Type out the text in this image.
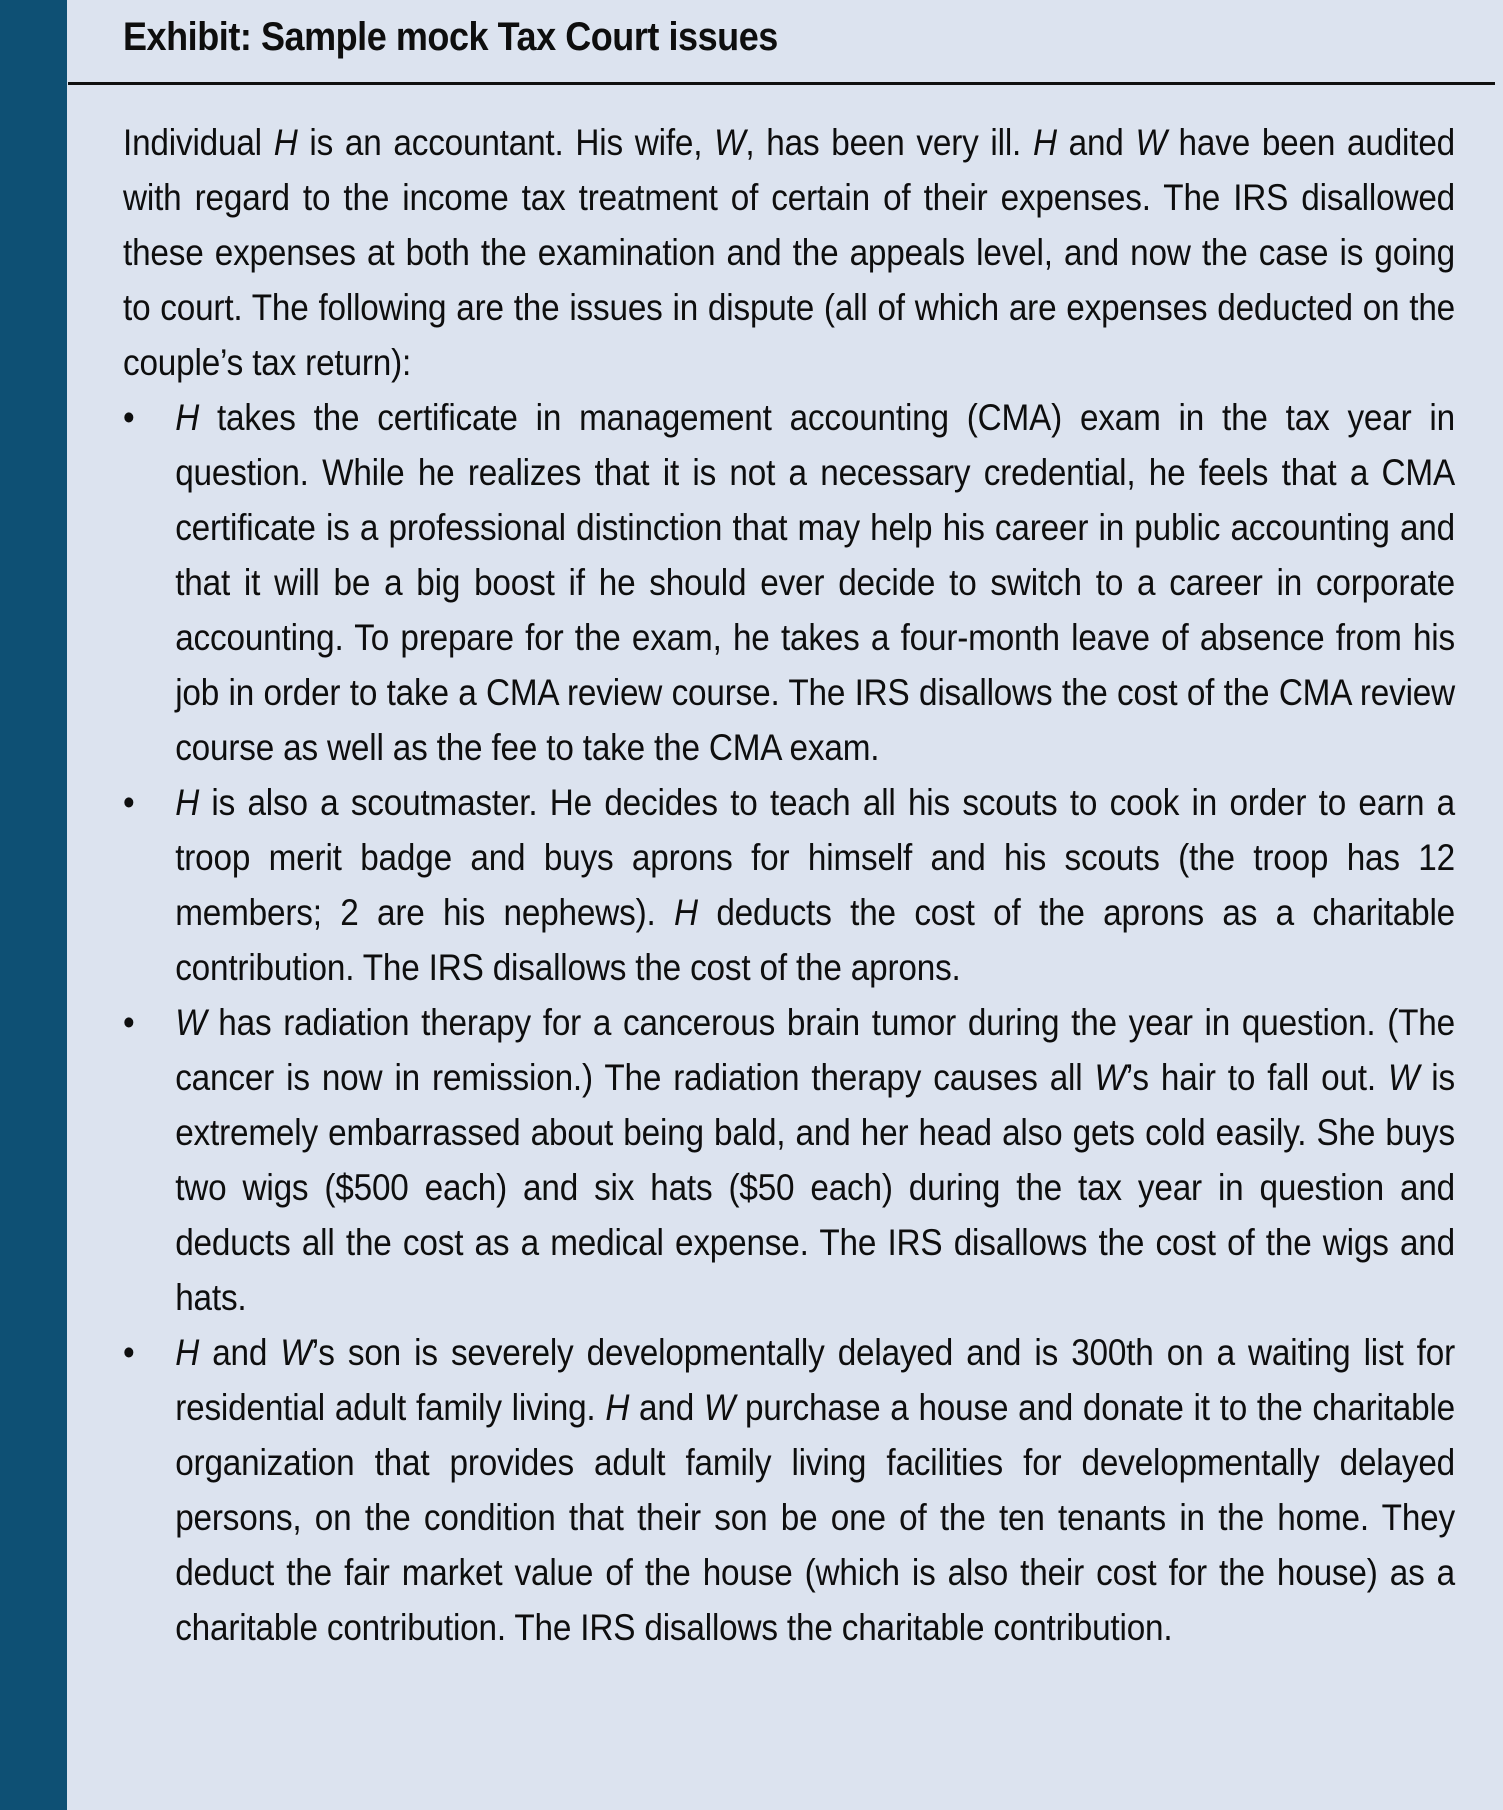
Exhibit: Sample mock Tax Court issues

Individual H is an accountant. His wife, W, has been very ill. H and W have been audited with regard to the income tax treatment of certain of their expenses. The IRS disallowed these expenses at both the examination and the appeals level, and now the case is going to court. The following are the issues in dispute (all of which are expenses deducted on the couple’s tax return):

•	H takes the certificate in management accounting (CMA) exam in the tax year in question. While he realizes that it is not a necessary credential, he feels that a CMA certificate is a professional distinction that may help his career in public accounting and that it will be a big boost if he should ever decide to switch to a career in corporate accounting. To prepare for the exam, he takes a four-month leave of absence from his job in order to take a CMA review course. The IRS disallows the cost of the CMA review course as well as the fee to take the CMA exam.
•	H is also a scoutmaster. He decides to teach all his scouts to cook in order to earn a troop merit badge and buys aprons for himself and his scouts (the troop has 12 members; 2 are his nephews). H deducts the cost of the aprons as a charitable contribution. The IRS disallows the cost of the aprons.
•	W has radiation therapy for a cancerous brain tumor during the year in question. (The cancer is now in remission.) The radiation therapy causes all W’s hair to fall out. W is extremely embarrassed about being bald, and her head also gets cold easily. She buys two wigs ($500 each) and six hats ($50 each) during the tax year in question and deducts all the cost as a medical expense. The IRS disallows the cost of the wigs and hats.
•	H and W’s son is severely developmentally delayed and is 300th on a waiting list for residential adult family living. H and W purchase a house and donate it to the charitable organization that provides adult family living facilities for developmentally delayed persons, on the condition that their son be one of the ten tenants in the home. They deduct the fair market value of the house (which is also their cost for the house) as a charitable contribution. The IRS disallows the charitable contribution.
